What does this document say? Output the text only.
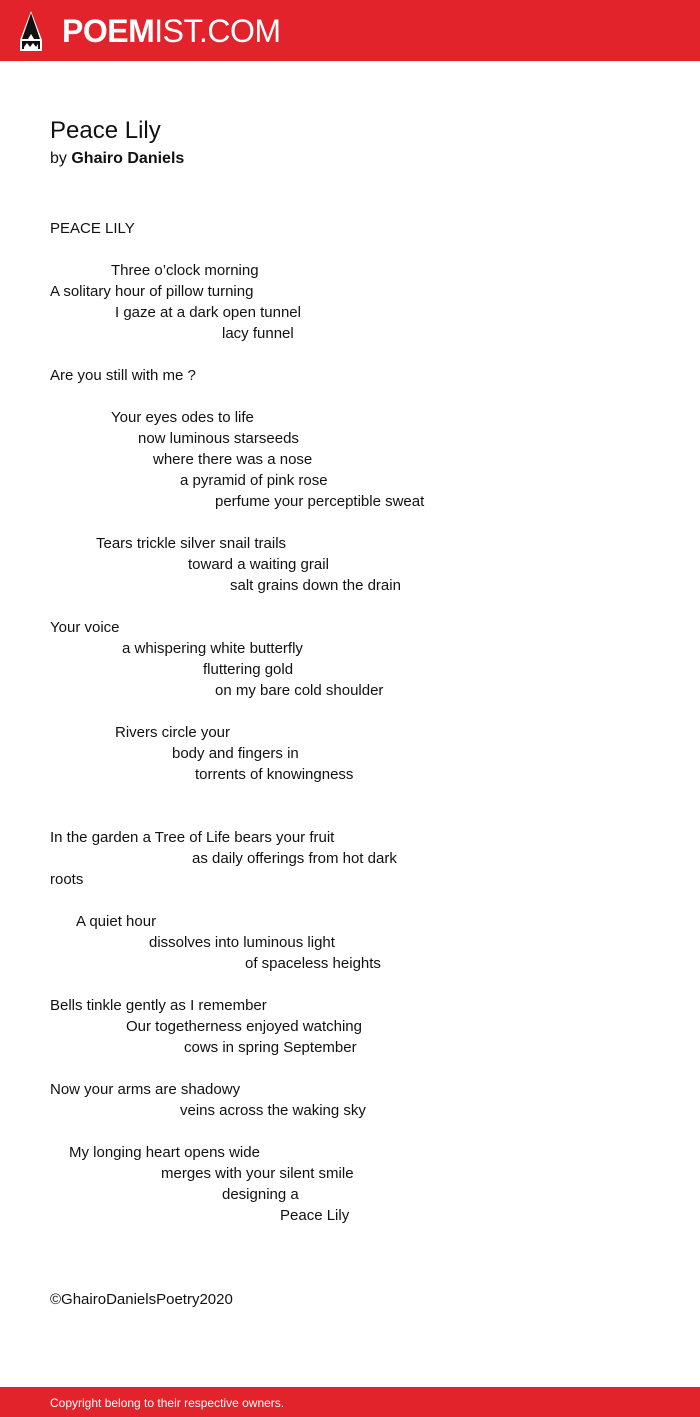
POEMIST.COM
Peace Lily
by Ghairo Daniels
PEACE LILY
Three o’clock morning
A solitary hour of pillow turning
I gaze at a dark open tunnel
lacy funnel
Are you still with me ?
Your eyes odes to life
now luminous starseeds
where there was a nose
a pyramid of pink rose
perfume your perceptible sweat
Tears trickle silver snail trails
toward a waiting grail
salt grains down the drain
Your voice
a whispering white butterfly
fluttering gold
on my bare cold shoulder
Rivers circle your
body and fingers in
torrents of knowingness
In the garden a Tree of Life bears your fruit
as daily offerings from hot dark
roots
A quiet hour
dissolves into luminous light
of spaceless heights
Bells tinkle gently as I remember
Our togetherness enjoyed watching
cows in spring September
Now your arms are shadowy
veins across the waking sky
My longing heart opens wide
merges with your silent smile
designing a
Peace Lily
©GhairoDanielsPoetry2020
Copyright belong to their respective owners.
